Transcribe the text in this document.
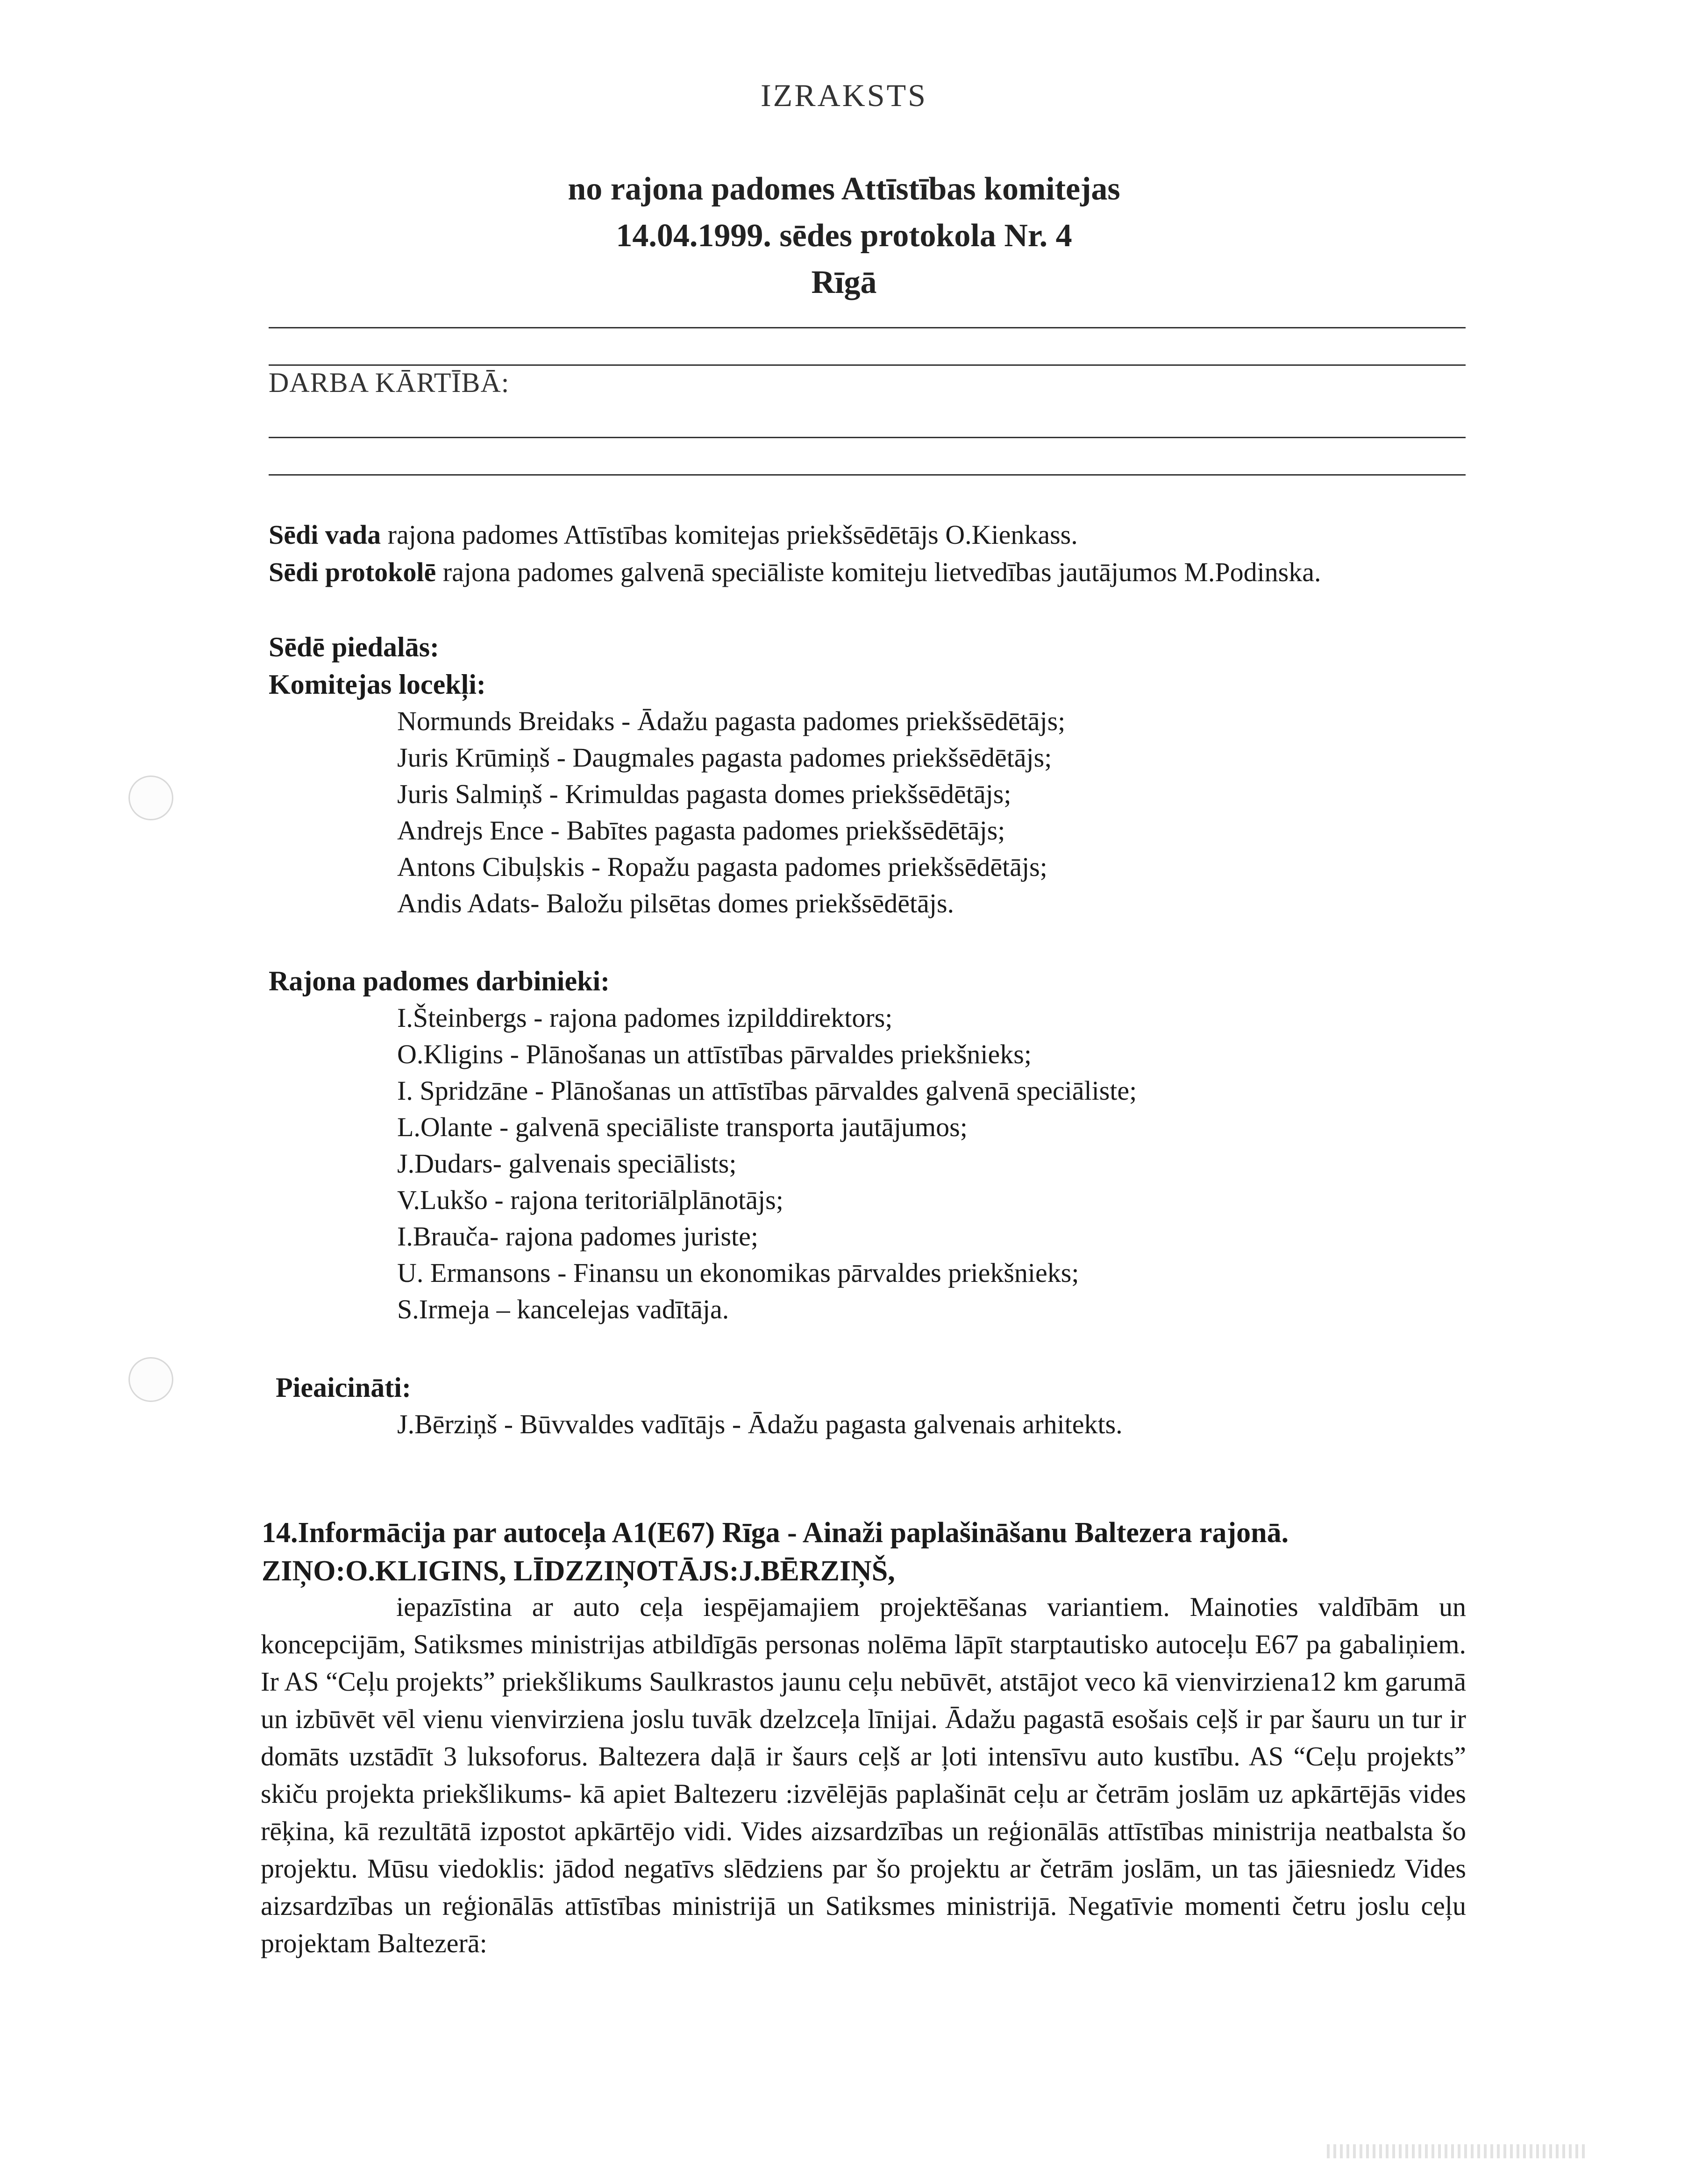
IZRAKSTS
no rajona padomes Attīstības komitejas
14.04.1999. sēdes protokola Nr. 4
Rīgā
DARBA KĀRTĪBĀ:
Sēdi vada rajona padomes Attīstības komitejas priekšsēdētājs O.Kienkass.
Sēdi protokolē rajona padomes galvenā speciāliste komiteju lietvedības jautājumos M.Podinska.
Sēdē piedalās:
Komitejas locekļi:
Normunds Breidaks - Ādažu pagasta padomes priekšsēdētājs;
Juris Krūmiņš - Daugmales pagasta padomes priekšsēdētājs;
Juris Salmiņš - Krimuldas pagasta domes priekšsēdētājs;
Andrejs Ence - Babītes pagasta padomes priekšsēdētājs;
Antons Cibuļskis - Ropažu pagasta padomes priekšsēdētājs;
Andis Adats- Baložu pilsētas domes priekšsēdētājs.
Rajona padomes darbinieki:
I.Šteinbergs - rajona padomes izpilddirektors;
O.Kligins - Plānošanas un attīstības pārvaldes priekšnieks;
I. Spridzāne - Plānošanas un attīstības pārvaldes galvenā speciāliste;
L.Olante - galvenā speciāliste transporta jautājumos;
J.Dudars- galvenais speciālists;
V.Lukšo - rajona teritoriālplānotājs;
I.Brauča- rajona padomes juriste;
U. Ermansons - Finansu un ekonomikas pārvaldes priekšnieks;
S.Irmeja – kancelejas vadītāja.
Pieaicināti:
J.Bērziņš - Būvvaldes vadītājs - Ādažu pagasta galvenais arhitekts.
14.Informācija par autoceļa A1(E67) Rīga - Ainaži paplašināšanu Baltezera rajonā.
ZIŅO:O.KLIGINS, LĪDZZIŅOTĀJS:J.BĒRZIŅŠ,
iepazīstina ar auto ceļa iespējamajiem projektēšanas variantiem. Mainoties valdībām un koncepcijām, Satiksmes ministrijas atbildīgās personas nolēma lāpīt starptautisko autoceļu E67 pa gabaliņiem. Ir AS “Ceļu projekts” priekšlikums Saulkrastos jaunu ceļu nebūvēt, atstājot veco kā vienvirziena12 km garumā un izbūvēt vēl vienu vienvirziena joslu tuvāk dzelzceļa līnijai. Ādažu pagastā esošais ceļš ir par šauru un tur ir domāts uzstādīt 3 luksoforus. Baltezera daļā ir šaurs ceļš ar ļoti intensīvu auto kustību. AS “Ceļu projekts” skiču projekta priekšlikums- kā apiet Baltezeru :izvēlējās paplašināt ceļu ar četrām joslām uz apkārtējās vides rēķina, kā rezultātā izpostot apkārtējo vidi. Vides aizsardzības un reģionālās attīstības ministrija neatbalsta šo projektu. Mūsu viedoklis: jādod negatīvs slēdziens par šo projektu ar četrām joslām, un tas jāiesniedz Vides aizsardzības un reģionālās attīstības ministrijā un Satiksmes ministrijā. Negatīvie momenti četru joslu ceļu projektam Baltezerā:
